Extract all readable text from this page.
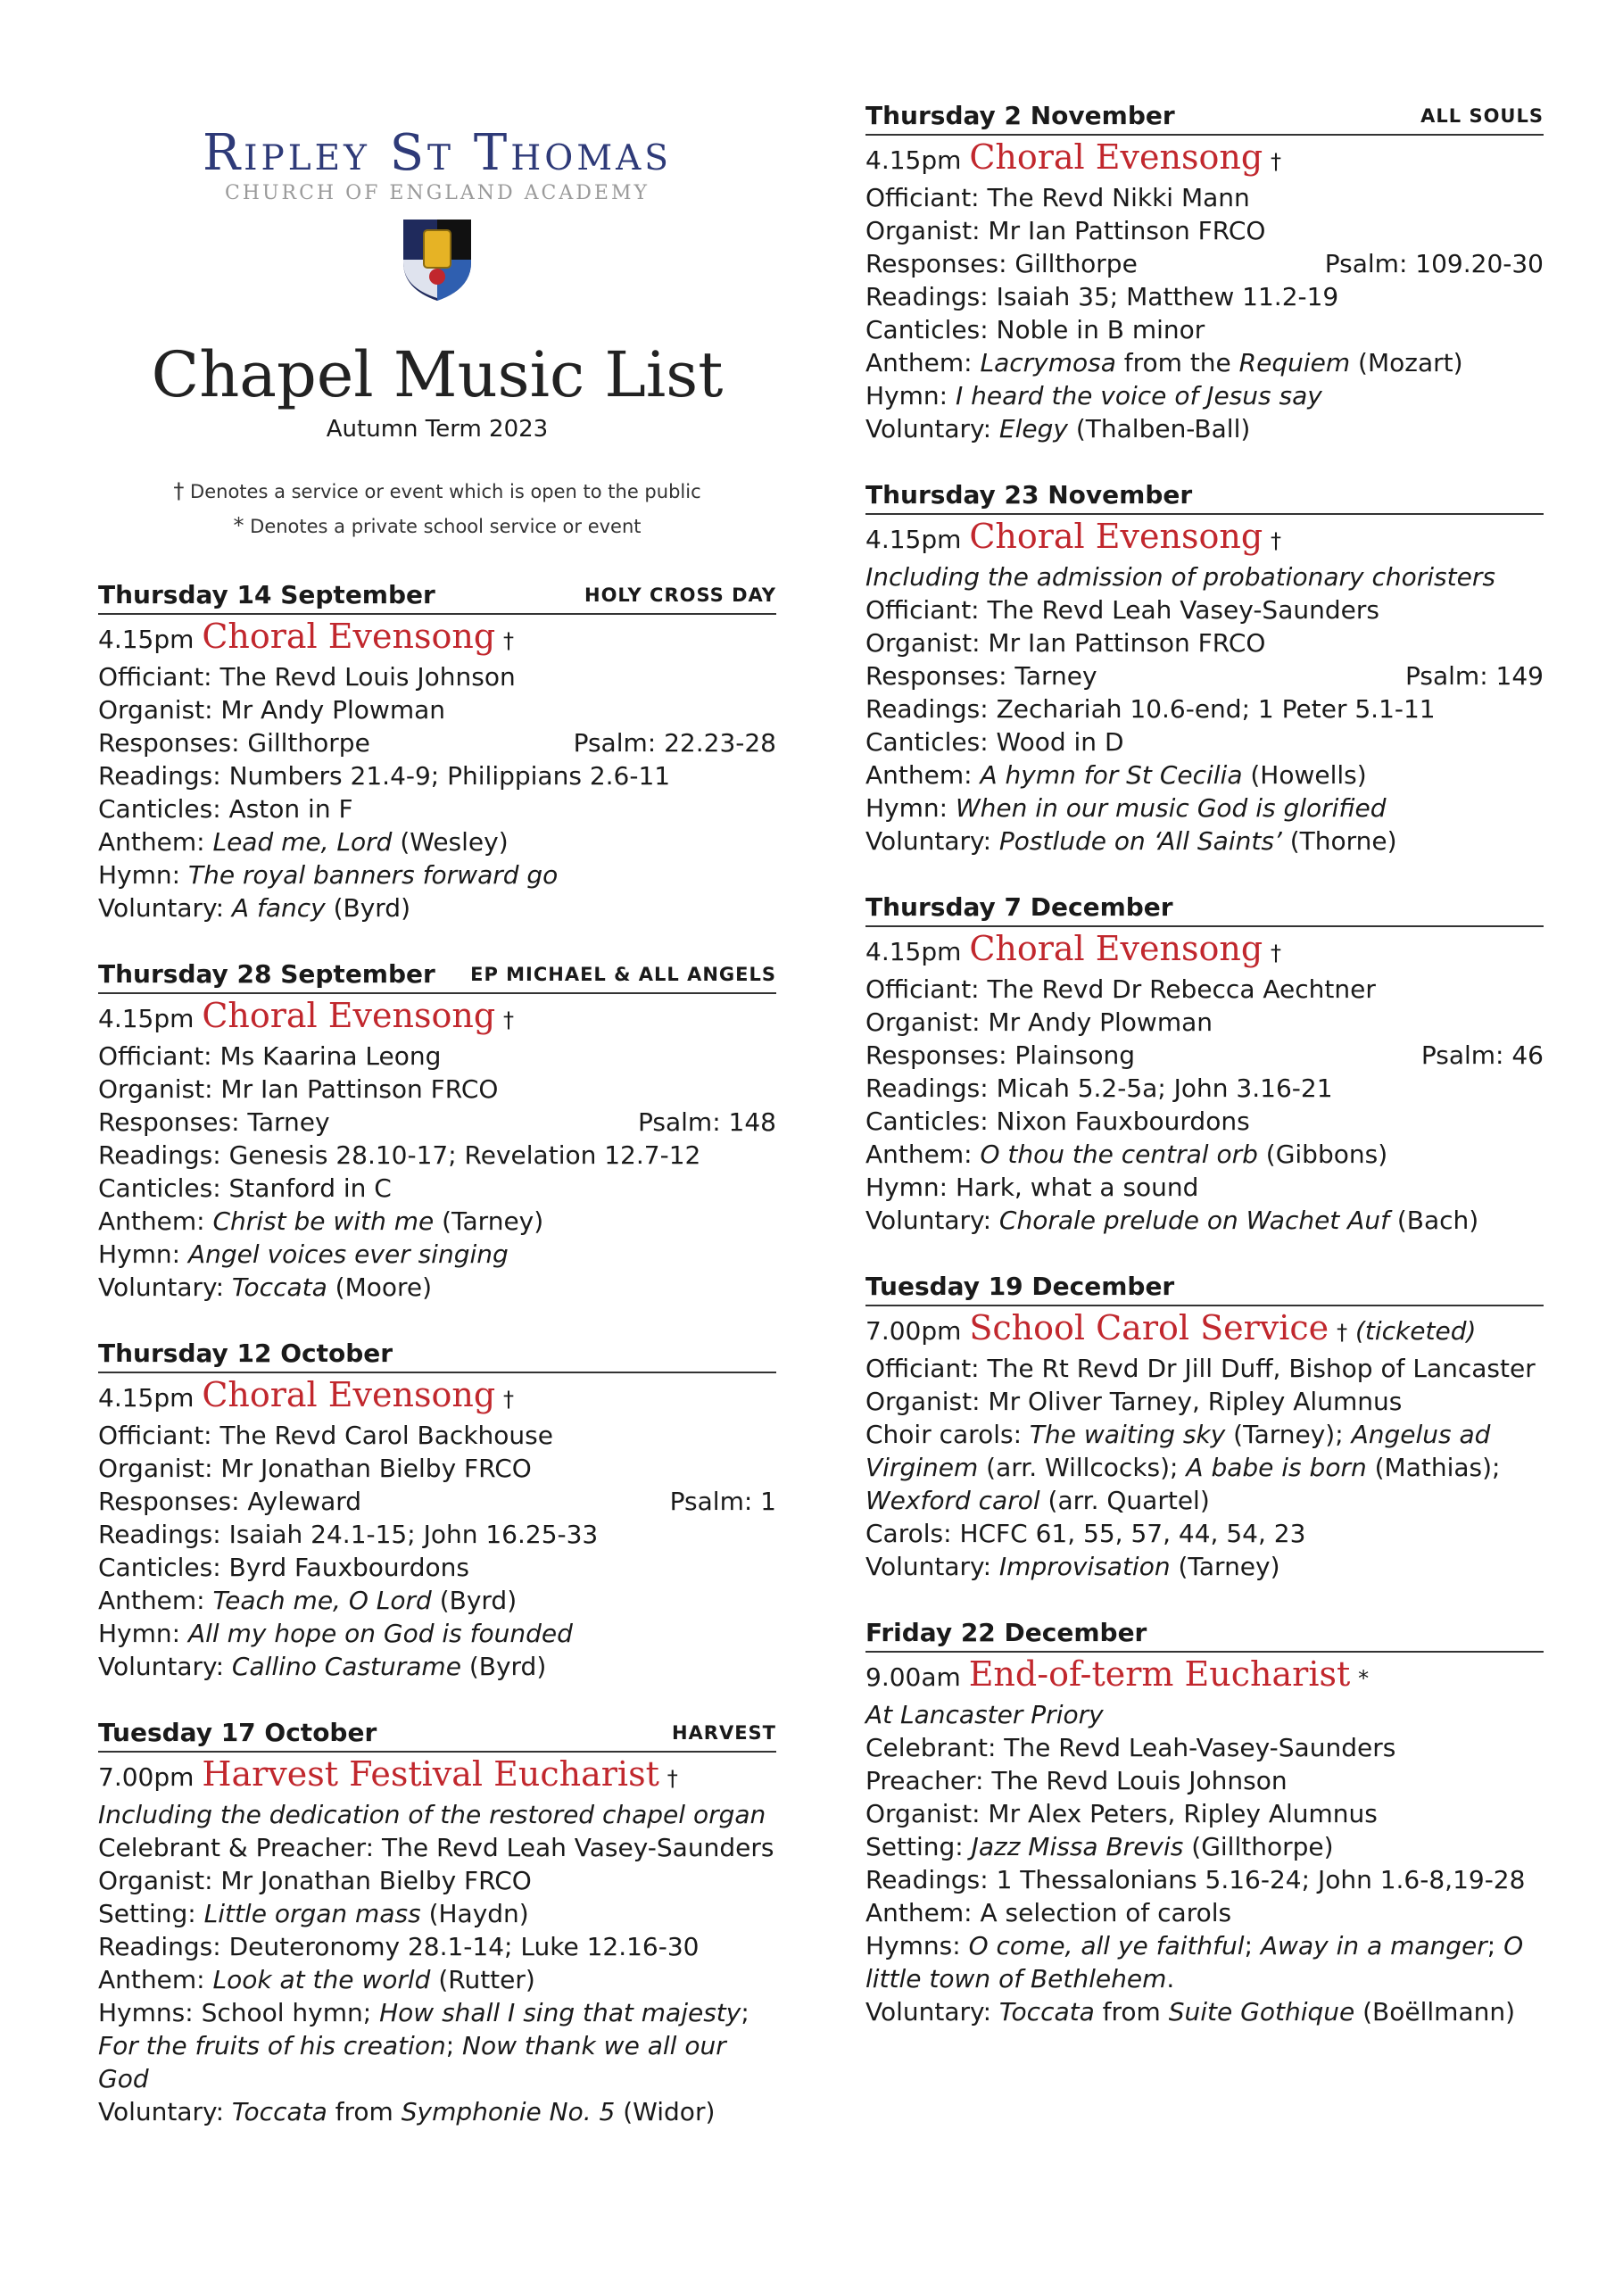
Ripley St Thomas
CHURCH OF ENGLAND ACADEMY
Chapel Music List
Autumn Term 2023
† Denotes a service or event which is open to the public
* Denotes a private school service or event
Thursday 14 September	HOLY CROSS DAY
4.15pm Choral Evensong †
Officiant: The Revd Louis Johnson
Organist: Mr Andy Plowman
Responses: Gillthorpe	Psalm: 22.23-28
Readings: Numbers 21.4-9; Philippians 2.6-11
Canticles: Aston in F
Anthem: Lead me, Lord (Wesley)
Hymn: The royal banners forward go
Voluntary: A fancy (Byrd)
Thursday 28 September EP MICHAEL & ALL ANGELS
4.15pm Choral Evensong †
Officiant: Ms Kaarina Leong
Organist: Mr Ian Pattinson FRCO
Responses: Tarney	Psalm: 148
Readings: Genesis 28.10-17; Revelation 12.7-12
Canticles: Stanford in C
Anthem: Christ be with me (Tarney)
Hymn: Angel voices ever singing
Voluntary: Toccata (Moore)
Thursday 12 October
4.15pm Choral Evensong †
Officiant: The Revd Carol Backhouse
Organist: Mr Jonathan Bielby FRCO
Responses: Ayleward	Psalm: 1
Readings: Isaiah 24.1-15; John 16.25-33
Canticles: Byrd Fauxbourdons
Anthem: Teach me, O Lord (Byrd)
Hymn: All my hope on God is founded
Voluntary: Callino Casturame (Byrd)
Tuesday 17 October	HARVEST
7.00pm Harvest Festival Eucharist †
Including the dedication of the restored chapel organ
Celebrant & Preacher: The Revd Leah Vasey-Saunders
Organist: Mr Jonathan Bielby FRCO
Setting: Little organ mass (Haydn)
Readings: Deuteronomy 28.1-14; Luke 12.16-30
Anthem: Look at the world (Rutter)
Hymns: School hymn; How shall I sing that majesty; For the fruits of his creation; Now thank we all our God
Voluntary: Toccata from Symphonie No. 5 (Widor)
Thursday 2 November	ALL SOULS
4.15pm Choral Evensong †
Officiant: The Revd Nikki Mann
Organist: Mr Ian Pattinson FRCO
Responses: Gillthorpe	Psalm: 109.20-30
Readings: Isaiah 35; Matthew 11.2-19
Canticles: Noble in B minor
Anthem: Lacrymosa from the Requiem (Mozart)
Hymn: I heard the voice of Jesus say
Voluntary: Elegy (Thalben-Ball)
Thursday 23 November
4.15pm Choral Evensong †
Including the admission of probationary choristers
Officiant: The Revd Leah Vasey-Saunders
Organist: Mr Ian Pattinson FRCO
Responses: Tarney	Psalm: 149
Readings: Zechariah 10.6-end; 1 Peter 5.1-11
Canticles: Wood in D
Anthem: A hymn for St Cecilia (Howells)
Hymn: When in our music God is glorified
Voluntary: Postlude on ‘All Saints’ (Thorne)
Thursday 7 December
4.15pm Choral Evensong †
Officiant: The Revd Dr Rebecca Aechtner
Organist: Mr Andy Plowman
Responses: Plainsong	Psalm: 46
Readings: Micah 5.2-5a; John 3.16-21
Canticles: Nixon Fauxbourdons
Anthem: O thou the central orb (Gibbons)
Hymn: Hark, what a sound
Voluntary: Chorale prelude on Wachet Auf (Bach)
Tuesday 19 December
7.00pm School Carol Service † (ticketed)
Officiant: The Rt Revd Dr Jill Duff, Bishop of Lancaster
Organist: Mr Oliver Tarney, Ripley Alumnus
Choir carols: The waiting sky (Tarney); Angelus ad Virginem (arr. Willcocks); A babe is born (Mathias); Wexford carol (arr. Quartel)
Carols: HCFC 61, 55, 57, 44, 54, 23
Voluntary: Improvisation (Tarney)
Friday 22 December
9.00am End-of-term Eucharist *
At Lancaster Priory
Celebrant: The Revd Leah-Vasey-Saunders
Preacher: The Revd Louis Johnson
Organist: Mr Alex Peters, Ripley Alumnus
Setting: Jazz Missa Brevis (Gillthorpe)
Readings: 1 Thessalonians 5.16-24; John 1.6-8,19-28
Anthem: A selection of carols
Hymns: O come, all ye faithful; Away in a manger; O little town of Bethlehem.
Voluntary: Toccata from Suite Gothique (Boëllmann)
